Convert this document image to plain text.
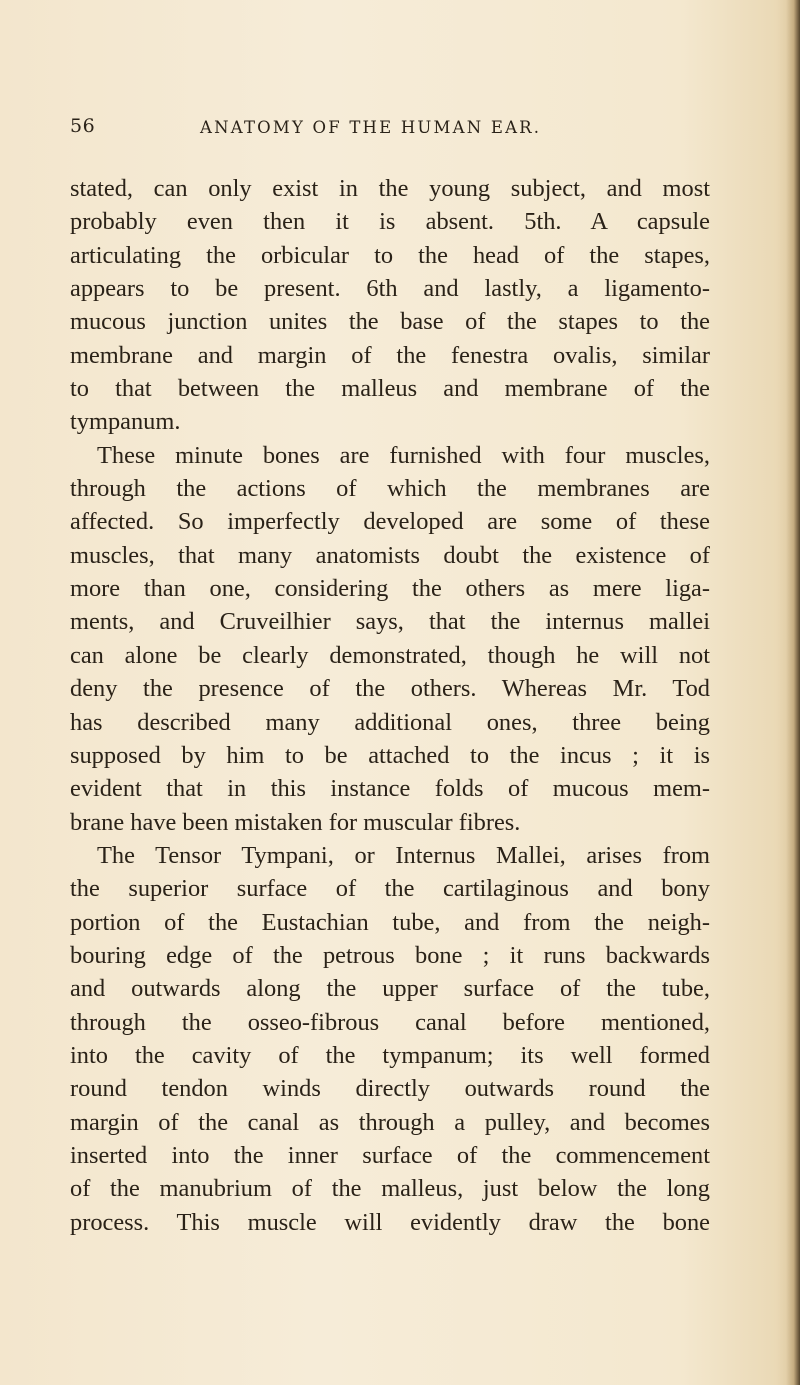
56	ANATOMY OF THE HUMAN EAR.
stated, can only exist in the young subject, and most
probably even then it is absent. 5th. A capsule
articulating the orbicular to the head of the stapes,
appears to be present. 6th and lastly, a ligamento-
mucous junction unites the base of the stapes to the
membrane and margin of the fenestra ovalis, similar
to that between the malleus and membrane of the
tympanum.
These minute bones are furnished with four muscles,
through the actions of which the membranes are
affected. So imperfectly developed are some of these
muscles, that many anatomists doubt the existence of
more than one, considering the others as mere liga-
ments, and Cruveilhier says, that the internus mallei
can alone be clearly demonstrated, though he will not
deny the presence of the others. Whereas Mr. Tod
has described many additional ones, three being
supposed by him to be attached to the incus ; it is
evident that in this instance folds of mucous mem-
brane have been mistaken for muscular fibres.
The Tensor Tympani, or Internus Mallei, arises from
the superior surface of the cartilaginous and bony
portion of the Eustachian tube, and from the neigh-
bouring edge of the petrous bone ; it runs backwards
and outwards along the upper surface of the tube,
through the osseo-fibrous canal before mentioned,
into the cavity of the tympanum; its well formed
round tendon winds directly outwards round the
margin of the canal as through a pulley, and becomes
inserted into the inner surface of the commencement
of the manubrium of the malleus, just below the long
process. This muscle will evidently draw the bone
